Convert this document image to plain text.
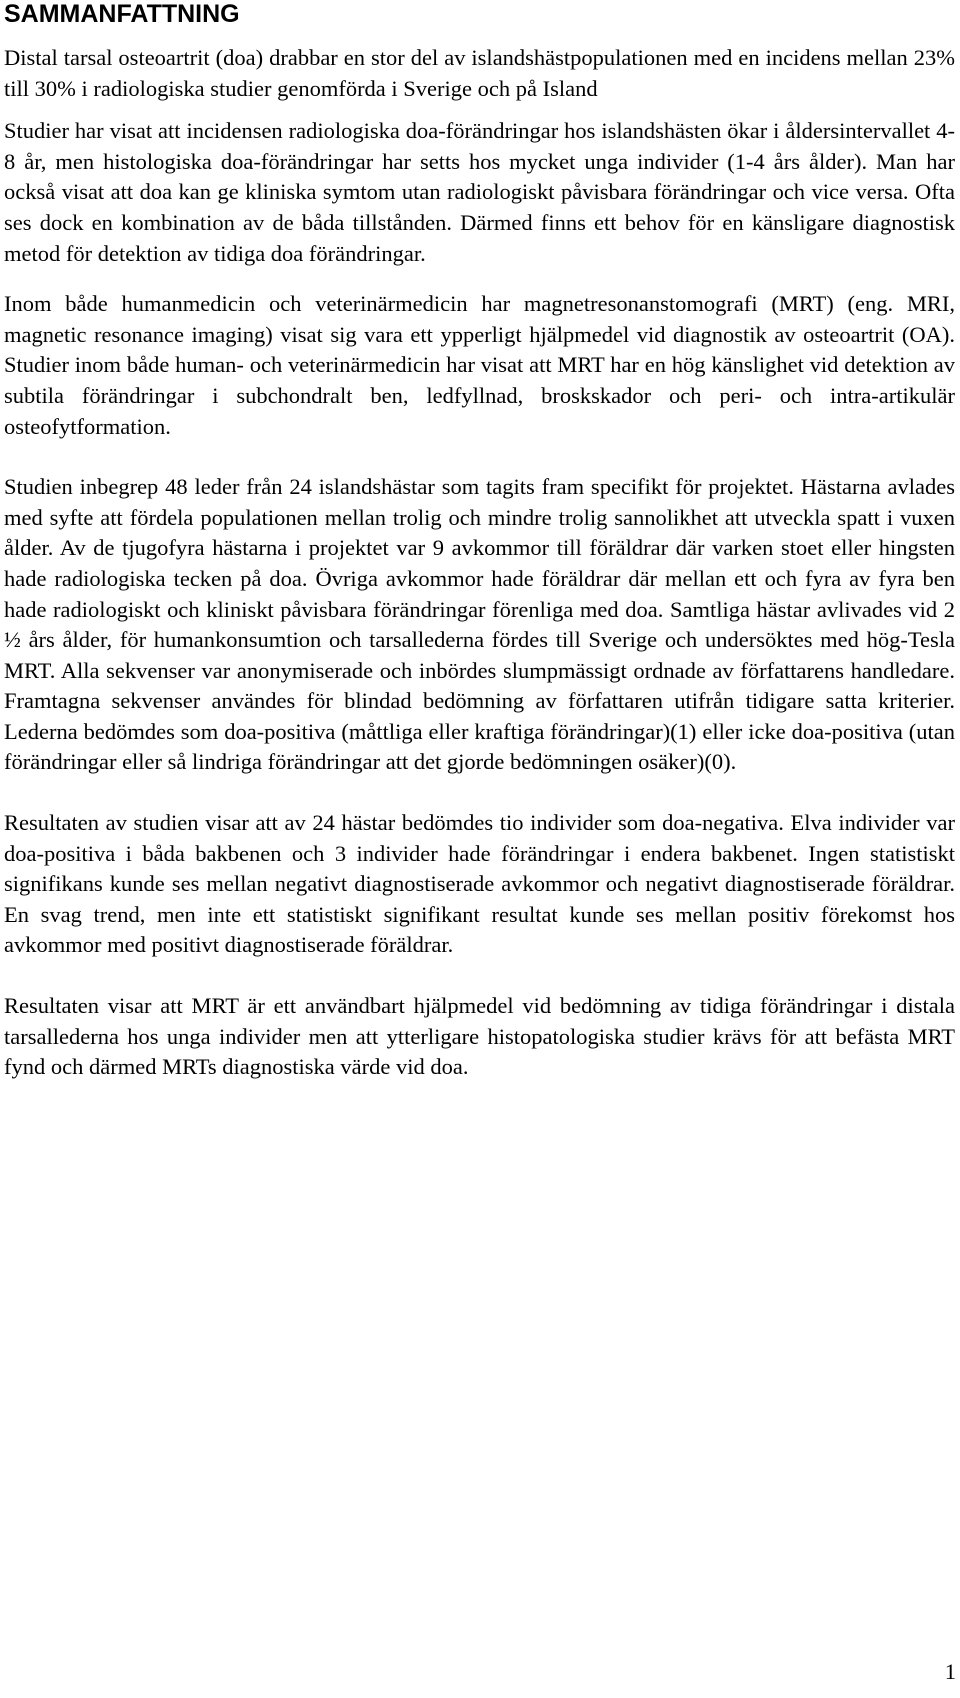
SAMMANFATTNING

Distal tarsal osteoartrit (doa) drabbar en stor del av islandshästpopulationen med en incidens mellan 23% till 30% i radiologiska studier genomförda i Sverige och på Island

Studier har visat att incidensen radiologiska doa-förändringar hos islandshästen ökar i åldersintervallet 4-8 år, men histologiska doa-förändringar har setts hos mycket unga individer (1-4 års ålder). Man har också visat att doa kan ge kliniska symtom utan radiologiskt påvisbara förändringar och vice versa. Ofta ses dock en kombination av de båda tillstånden. Därmed finns ett behov för en känsligare diagnostisk metod för detektion av tidiga doa förändringar.

Inom både humanmedicin och veterinärmedicin har magnetresonanstomografi (MRT) (eng. MRI, magnetic resonance imaging) visat sig vara ett ypperligt hjälpmedel vid diagnostik av osteoartrit (OA). Studier inom både human- och veterinärmedicin har visat att MRT har en hög känslighet vid detektion av subtila förändringar i subchondralt ben, ledfyllnad, broskskador och peri- och intra-artikulär osteofytformation.

Studien inbegrep 48 leder från 24 islandshästar som tagits fram specifikt för projektet. Hästarna avlades med syfte att fördela populationen mellan trolig och mindre trolig sannolikhet att utveckla spatt i vuxen ålder. Av de tjugofyra hästarna i projektet var 9 avkommor till föräldrar där varken stoet eller hingsten hade radiologiska tecken på doa. Övriga avkommor hade föräldrar där mellan ett och fyra av fyra ben hade radiologiskt och kliniskt påvisbara förändringar förenliga med doa. Samtliga hästar avlivades vid 2 ½ års ålder, för humankonsumtion och tarsallederna fördes till Sverige och undersöktes med hög-Tesla MRT. Alla sekvenser var anonymiserade och inbördes slumpmässigt ordnade av författarens handledare. Framtagna sekvenser användes för blindad bedömning av författaren utifrån tidigare satta kriterier. Lederna bedömdes som doa-positiva (måttliga eller kraftiga förändringar)(1) eller icke doa-positiva (utan förändringar eller så lindriga förändringar att det gjorde bedömningen osäker)(0).

Resultaten av studien visar att av 24 hästar bedömdes tio individer som doa-negativa. Elva individer var doa-positiva i båda bakbenen och 3 individer hade förändringar i endera bakbenet. Ingen statistiskt signifikans kunde ses mellan negativt diagnostiserade avkommor och negativt diagnostiserade föräldrar. En svag trend, men inte ett statistiskt signifikant resultat kunde ses mellan positiv förekomst hos avkommor med positivt diagnostiserade föräldrar.

Resultaten visar att MRT är ett användbart hjälpmedel vid bedömning av tidiga förändringar i distala tarsallederna hos unga individer men att ytterligare histopatologiska studier krävs för att befästa MRT fynd och därmed MRTs diagnostiska värde vid doa.

1
